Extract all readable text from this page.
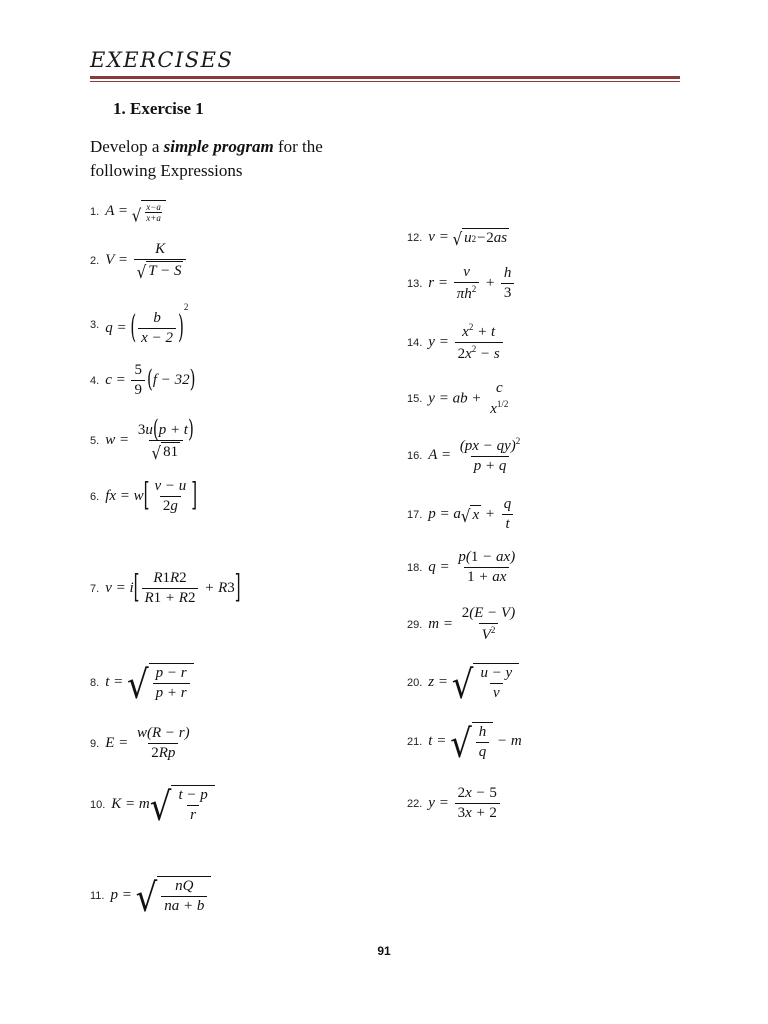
EXERCISES
1. Exercise 1
Develop a simple program for the following Expressions
1. A = √ $\frac{x-a}{x+a}$
2. $V = \frac{K}{√ T - S}$
3. q = ( $\frac{b}{x - 2} )^2$
4. $c = \frac{5}{9} (f - 32)$
5. $w = \frac{3u(p + t)}{√ 81}$
6. fx = $w[ \frac{v - u}{2g}$ ]
7. $v = i[ \frac{R1R2}{R1 + R2} + R3]$
8. t = √ $\frac{p - r}{p + r}$
9. $E = \frac{w(R - r)}{2Rp}$
10. K = m √ $\frac{t - p}{r}$
11. p = √ $\frac{nQ}{na + b}$
12. v = √ u 2 − 2 as
13. $r = \frac{v}{\pi h^2} + \frac{h}{3}$
14. $y = \frac{x^2 + t}{2x^2 - s}$
15. y = ab +
c
$x^{1/2}$
16. $A = \frac{(px - qy)^2}{p + q}$
17. p = a √ $x + \frac{q}{t}$
18. $q = \frac{p(1 - ax)}{1 + ax}$
29. $m = \frac{2(E - V)}{V^2}$
20. z = √ $\frac{u - y}{v}$
21. t = √ $\frac{h}{q} - m$
22. $y = \frac{2x - 5}{3x + 2}$
91
